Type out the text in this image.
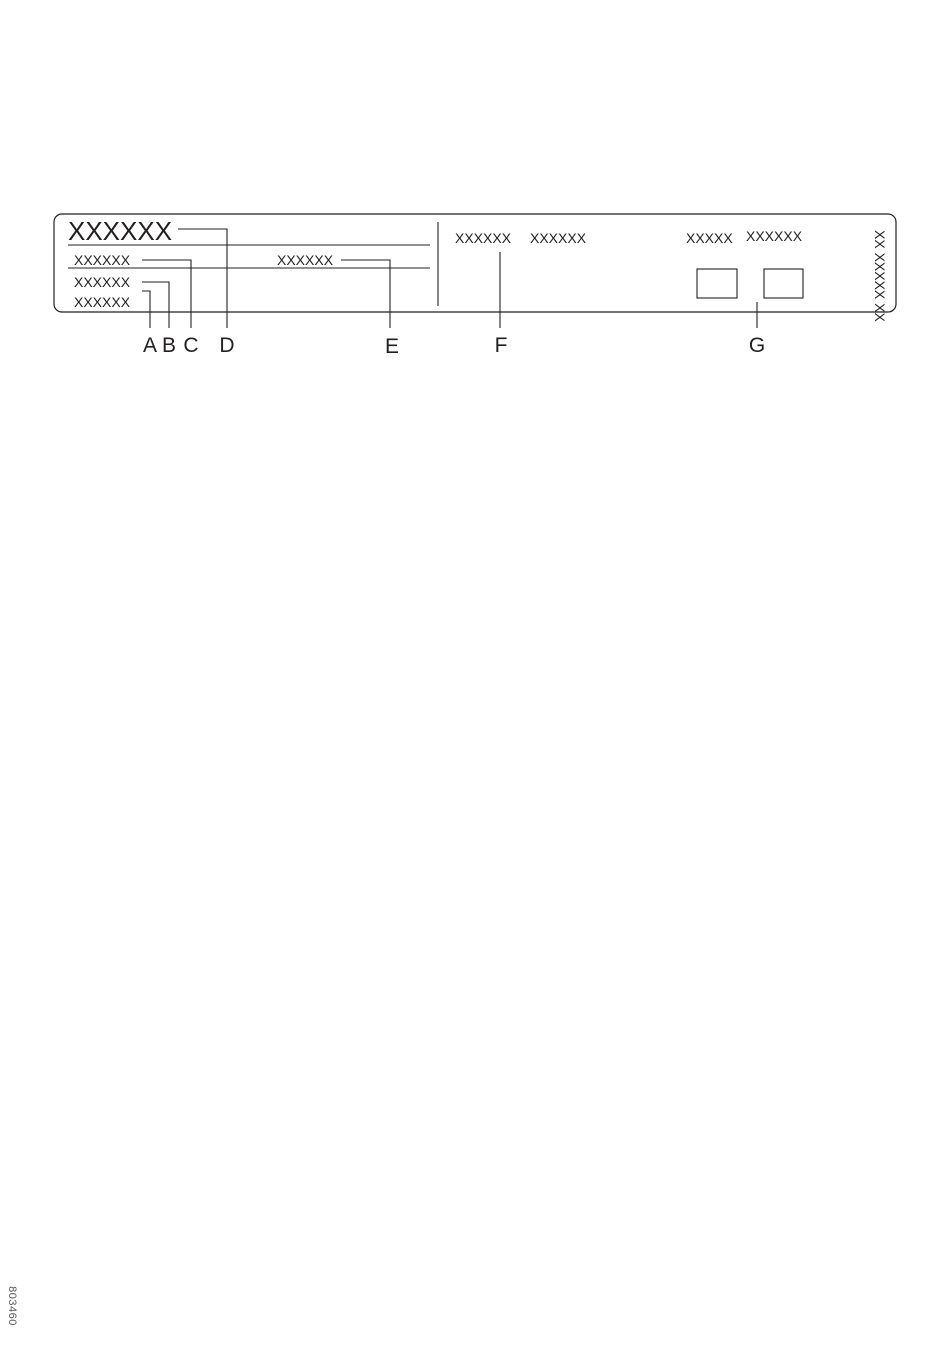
XXXXXX
XXXXXX
XXXXXX
XXXXXX
XXXXXX
XXXXXX XXXXXX	XXXXX XXXXXX	XX XXXXX XX
A B C D	E	F	G
803460
